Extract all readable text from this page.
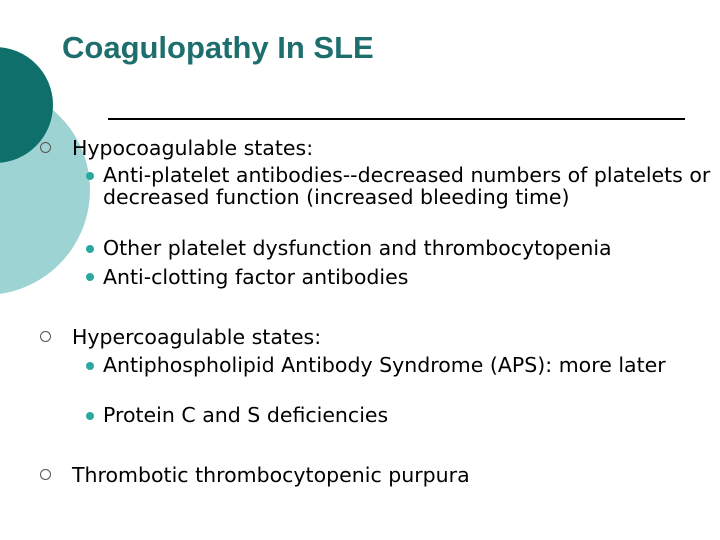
Coagulopathy In SLE
Hypocoagulable states:
Anti-platelet antibodies--decreased numbers of platelets or decreased function (increased bleeding time)
Other platelet dysfunction and thrombocytopenia
Anti-clotting factor antibodies
Hypercoagulable states:
Antiphospholipid Antibody Syndrome (APS): more later
Protein C and S deficiencies
Thrombotic thrombocytopenic purpura
